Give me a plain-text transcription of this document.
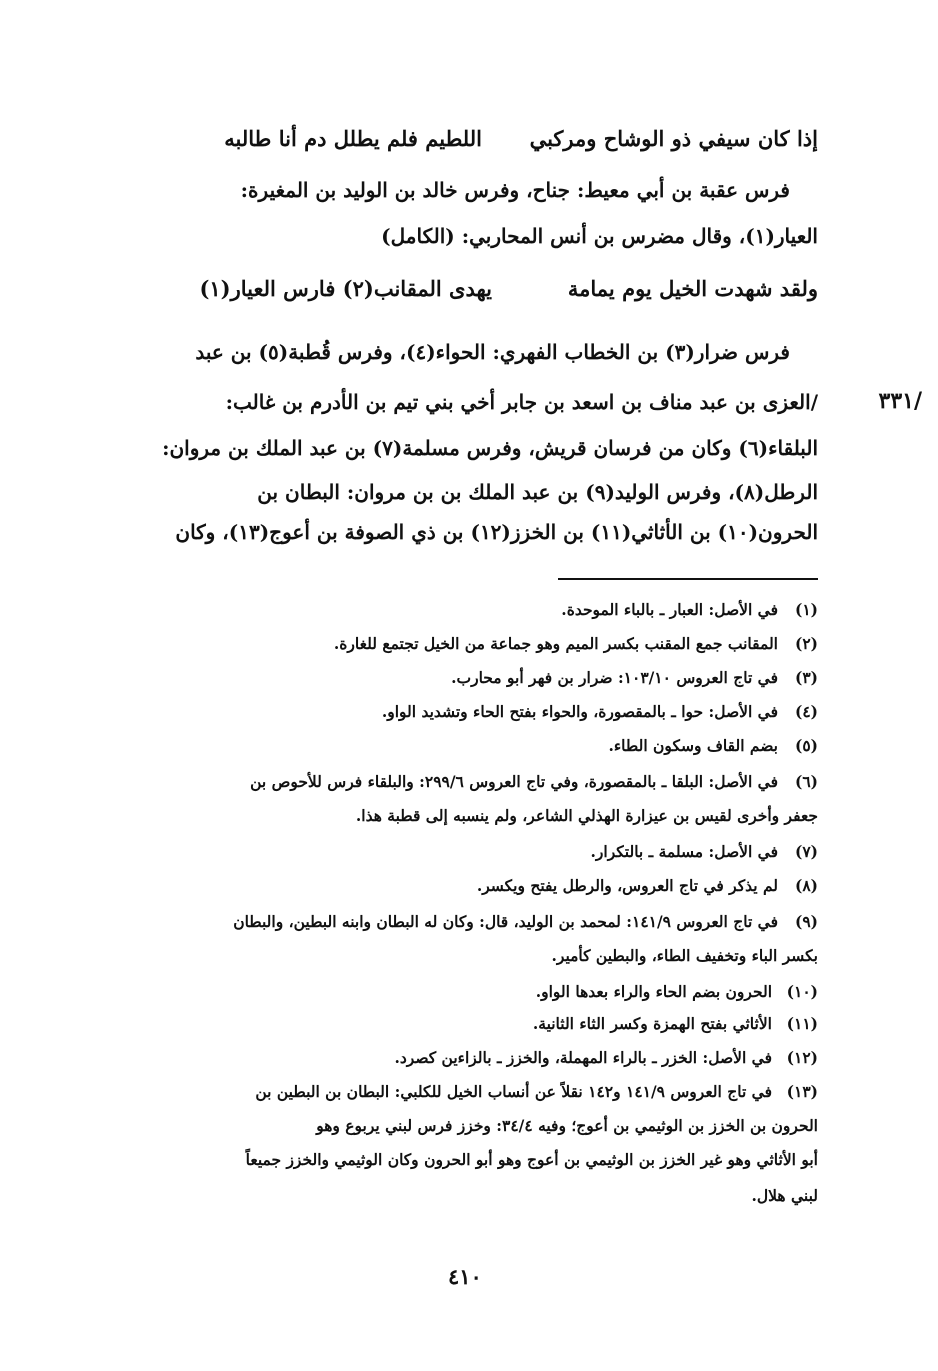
إذا كان سيفي ذو الوشاح ومركبي
اللطيم فلم يطلل دم أنا طالبه
فرس عقبة بن أبي معيط: جناح، وفرس خالد بن الوليد بن المغيرة:
العيار(١)، وقال مضرس بن أنس المحاربي: (الكامل)
ولقد شهدت الخيل يوم يمامة
يهدى المقانب(٢) فارس العيار(١)
فرس ضرار(٣) بن الخطاب الفهري: الحواء(٤)، وفرس قُطبة(٥) بن عبد
/العزى بن عبد مناف بن اسعد بن جابر أخي بني تيم بن الأدرم بن غالب:
البلقاء(٦) وكان من فرسان قريش، وفرس مسلمة(٧) بن عبد الملك بن مروان:
الرطل(٨)، وفرس الوليد(٩) بن عبد الملك بن بن مروان: البطان بن
الحرون(١٠) بن الأثاثي(١١) بن الخزز(١٢) بن ذي الصوفة بن أعوج(١٣)، وكان
/٣٣١
(١)
في الأصل: العبار ـ بالباء الموحدة.
(٢)
المقانب جمع المقنب بكسر الميم وهو جماعة من الخيل تجتمع للغارة.
(٣)
في تاج العروس ١٠٣/١٠: ضرار بن فهر أبو محارب.
(٤)
في الأصل: حوا ـ بالمقصورة، والحواء بفتح الحاء وتشديد الواو.
(٥)
بضم القاف وسكون الطاء.
(٦)
في الأصل: البلقا ـ بالمقصورة، وفي تاج العروس ٢٩٩/٦: والبلقاء فرس للأحوص بن
جعفر وأخرى لقيس بن عيزارة الهذلي الشاعر، ولم ينسبه إلى قطبة هذا.
(٧)
في الأصل: مسلمة ـ بالتكرار.
(٨)
لم يذكر في تاج العروس، والرطل يفتح ويكسر.
(٩)
في تاج العروس ١٤١/٩: لمحمد بن الوليد، قال: وكان له البطان وابنه البطين، والبطان
بكسر الباء وتخفيف الطاء، والبطين كأمير.
(١٠)
الحرون بضم الحاء والراء بعدها الواو.
(١١)
الأثاثي بفتح الهمزة وكسر الثاء الثانية.
(١٢)
في الأصل: الخزر ـ بالراء المهملة، والخزز ـ بالزاءين كصرد.
(١٣)
في تاج العروس ١٤١/٩ و١٤٢ نقلاً عن أنساب الخيل للكلبي: البطان بن البطين بن
الحرون بن الخزز بن الوثيمي بن أعوج؛ وفيه ٣٤/٤: وخزز فرس لبني يربوع وهو
أبو الأثاثي وهو غير الخزز بن الوثيمي بن أعوج وهو أبو الحرون وكان الوثيمي والخزز جميعاً
لبني هلال.
٤١٠
